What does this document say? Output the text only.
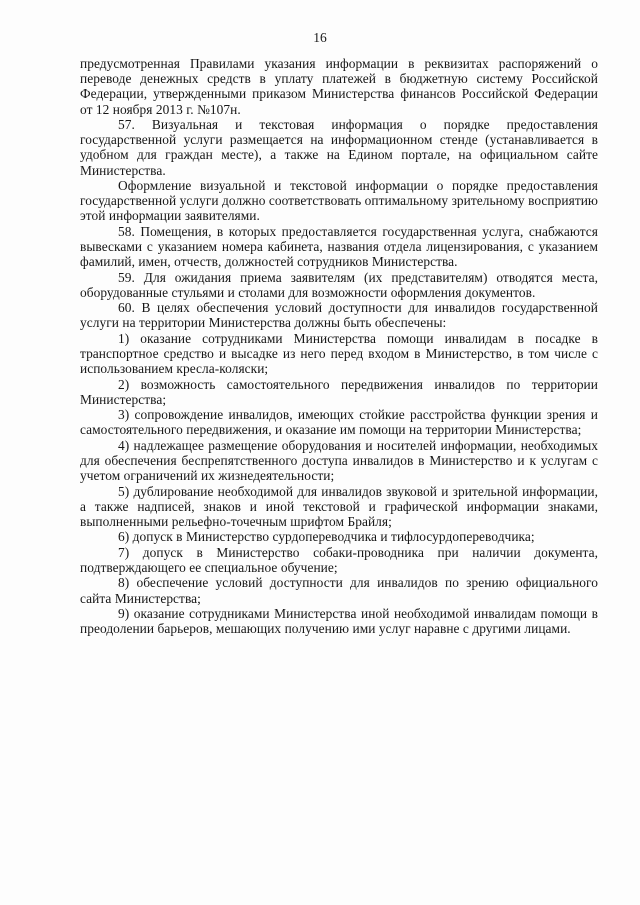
16

предусмотренная Правилами указания информации в реквизитах распоряжений о переводе денежных средств в уплату платежей в бюджетную систему Российской Федерации, утвержденными приказом Министерства финансов Российской Федерации от 12 ноября 2013 г. №107н.

57. Визуальная и текстовая информация о порядке предоставления государственной услуги размещается на информационном стенде (устанавливается в удобном для граждан месте), а также на Едином портале, на официальном сайте Министерства.

Оформление визуальной и текстовой информации о порядке предоставления государственной услуги должно соответствовать оптимальному зрительному восприятию этой информации заявителями.

58. Помещения, в которых предоставляется государственная услуга, снабжаются вывесками с указанием номера кабинета, названия отдела лицензирования, с указанием фамилий, имен, отчеств, должностей сотрудников Министерства.

59. Для ожидания приема заявителям (их представителям) отводятся места, оборудованные стульями и столами для возможности оформления документов.

60. В целях обеспечения условий доступности для инвалидов государственной услуги на территории Министерства должны быть обеспечены:

1) оказание сотрудниками Министерства помощи инвалидам в посадке в транспортное средство и высадке из него перед входом в Министерство, в том числе с использованием кресла-коляски;

2) возможность самостоятельного передвижения инвалидов по территории Министерства;

3) сопровождение инвалидов, имеющих стойкие расстройства функции зрения и самостоятельного передвижения, и оказание им помощи на территории Министерства;

4) надлежащее размещение оборудования и носителей информации, необходимых для обеспечения беспрепятственного доступа инвалидов в Министерство и к услугам с учетом ограничений их жизнедеятельности;

5) дублирование необходимой для инвалидов звуковой и зрительной информации, а также надписей, знаков и иной текстовой и графической информации знаками, выполненными рельефно-точечным шрифтом Брайля;

6) допуск в Министерство сурдопереводчика и тифлосурдопереводчика;

7) допуск в Министерство собаки-проводника при наличии документа, подтверждающего ее специальное обучение;

8) обеспечение условий доступности для инвалидов по зрению официального сайта Министерства;

9) оказание сотрудниками Министерства иной необходимой инвалидам помощи в преодолении барьеров, мешающих получению ими услуг наравне с другими лицами.
